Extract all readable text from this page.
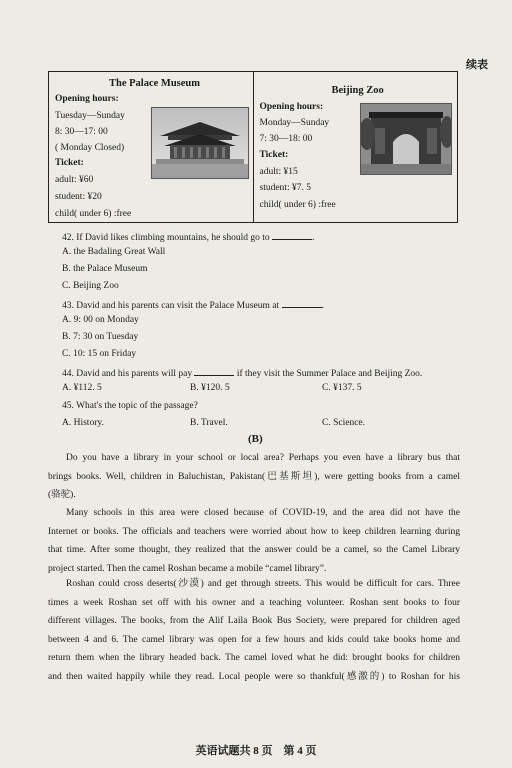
续表
The Palace Museum
Opening hours:
Tuesday—Sunday
8: 30—17: 00
( Monday Closed)
Ticket:
adult: ¥60
student: ¥20
child( under 6) :free
Beijing Zoo
Opening hours:
Monday—Sunday
7: 30—18: 00
Ticket:
adult: ¥15
student: ¥7. 5
child( under 6) :free
42. If David likes climbing mountains, he should go to	.
A. the Badaling Great Wall
B. the Palace Museum
C. Beijing Zoo
43. David and his parents can visit the Palace Museum at	.
A. 9: 00 on Monday
B. 7: 30 on Tuesday
C. 10: 15 on Friday
44. David and his parents will pay	if they visit the Summer Palace and Beijing Zoo.
A. ¥112. 5	B. ¥120. 5	C. ¥137. 5
45. What's the topic of the passage?
A. History.	B. Travel.	C. Science.
(B)
Do you have a library in your school or local area? Perhaps you even have a library bus that
brings books. Well, children in Baluchistan, Pakistan(巴基斯坦), were getting books from a camel
(骆驼).
Many schools in this area were closed because of COVID-19, and the area did not have the
Internet or books. The officials and teachers were worried about how to keep children learning during
that time. After some thought, they realized that the answer could be a camel, so the Camel Library
project started. Then the camel Roshan became a mobile “camel library”.
Roshan could cross deserts(沙漠) and get through streets. This would be difficult for cars. Three
times a week Roshan set off with his owner and a teaching volunteer. Roshan sent books to four
different villages. The books, from the Alif Laila Book Bus Society, were prepared for children aged
between 4 and 6. The camel library was open for a few hours and kids could take books home and
return them when the library headed back. The camel loved what he did: brought books for children
and then waited happily while they read. Local people were so thankful(感激的) to Roshan for his
英语试题共 8 页　第 4 页
